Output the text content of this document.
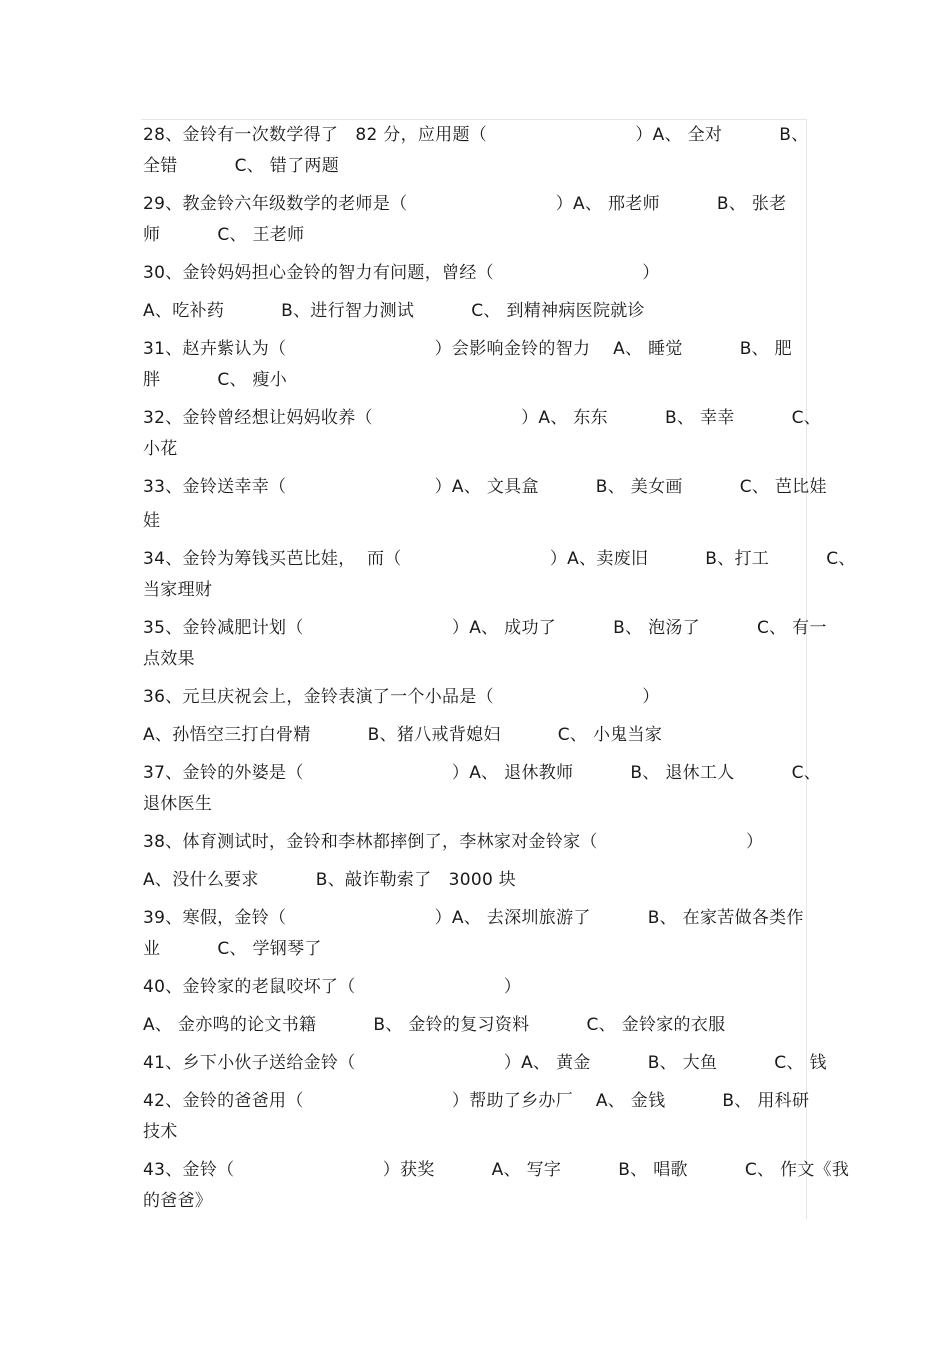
28、金铃有一次数学得了   82 分，应用题（                          ）A、 全对          B、
全错          C、 错了两题
29、教金铃六年级数学的老师是（                          ）A、 邢老师          B、 张老
师          C、 王老师
30、金铃妈妈担心金铃的智力有问题，曾经（                          ）
A、吃补药          B、进行智力测试          C、 到精神病医院就诊
31、赵卉紫认为（                          ）会影响金铃的智力    A、 睡觉          B、 肥
胖          C、 瘦小
32、金铃曾经想让妈妈收养（                          ）A、 东东          B、 幸幸          C、
小花
33、金铃送幸幸（                          ）A、 文具盒          B、 美女画          C、 芭比娃
娃
34、金铃为筹钱买芭比娃，  而（                          ）A、卖废旧          B、打工          C、
当家理财
35、金铃减肥计划（                          ）A、 成功了          B、 泡汤了          C、 有一
点效果
36、元旦庆祝会上，金铃表演了一个小品是（                          ）
A、孙悟空三打白骨精          B、猪八戒背媳妇          C、 小鬼当家
37、金铃的外婆是（                          ）A、 退休教师          B、 退休工人          C、
退休医生
38、体育测试时，金铃和李林都摔倒了，李林家对金铃家（                          ）
A、没什么要求          B、敲诈勒索了   3000 块
39、寒假，金铃（                          ）A、 去深圳旅游了          B、 在家苦做各类作
业          C、 学钢琴了
40、金铃家的老鼠咬坏了（                          ）
A、 金亦鸣的论文书籍          B、 金铃的复习资料          C、 金铃家的衣服
41、乡下小伙子送给金铃（                          ）A、 黄金          B、 大鱼          C、 钱
42、金铃的爸爸用（                          ）帮助了乡办厂    A、 金钱          B、 用科研
技术
43、金铃（                          ）获奖          A、 写字          B、 唱歌          C、 作文《我
的爸爸》
